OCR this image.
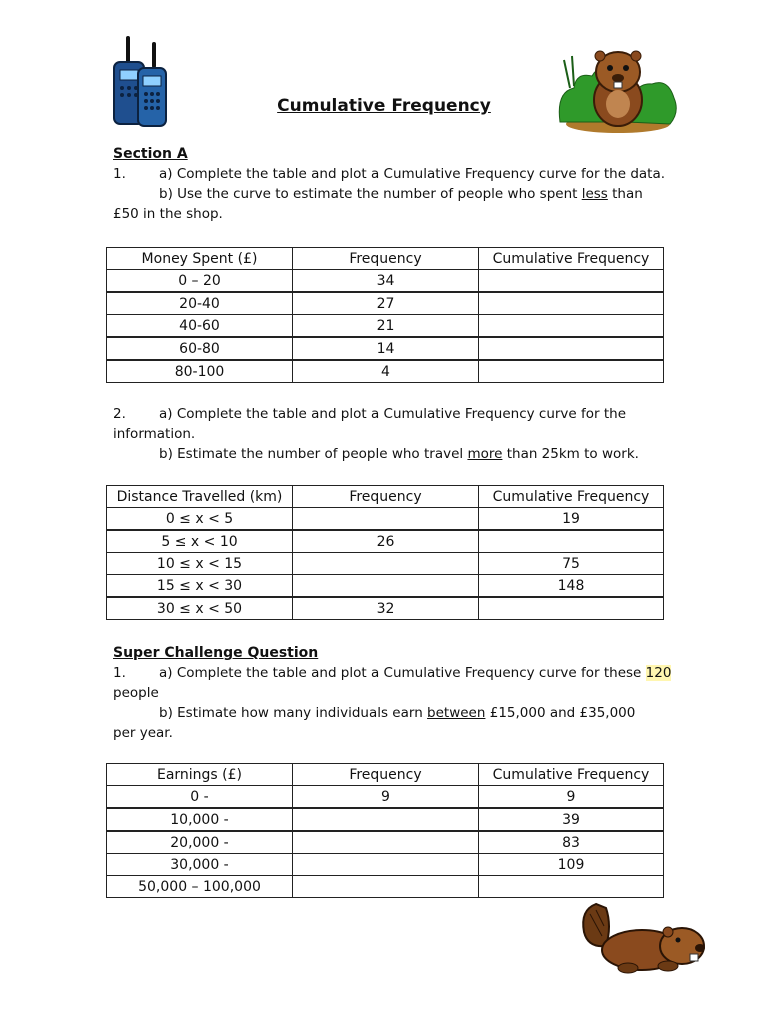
Cumulative Frequency
Section A
1. a) Complete the table and plot a Cumulative Frequency curve for the data.
b) Use the curve to estimate the number of people who spent less than
£50 in the shop.
Money Spent (£)	Frequency	Cumulative Frequency
0 – 20	34	
20-40	27	
40-60	21	
60-80	14	
80-100	4	
2. a) Complete the table and plot a Cumulative Frequency curve for the
information.
b) Estimate the number of people who travel more than 25km to work.
Distance Travelled (km)	Frequency	Cumulative Frequency
0 ≤ x < 5		19
5 ≤ x < 10	26	
10 ≤ x < 15		75
15 ≤ x < 30		148
30 ≤ x < 50	32	
Super Challenge Question
1. a) Complete the table and plot a Cumulative Frequency curve for these 120
people
b) Estimate how many individuals earn between £15,000 and £35,000
per year.
Earnings (£)	Frequency	Cumulative Frequency
0 -	9	9
10,000 -		39
20,000 -		83
30,000 -		109
50,000 – 100,000		
